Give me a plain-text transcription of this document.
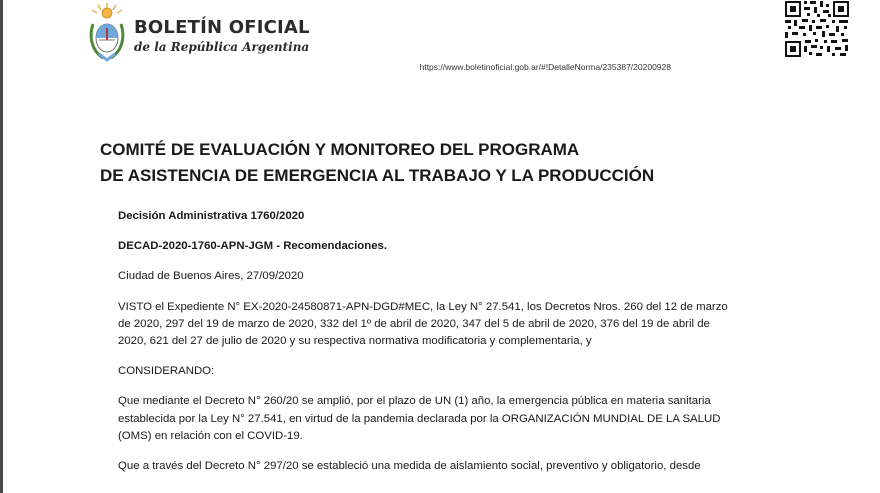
BOLETÍN OFICIAL
de la República Argentina
https://www.boletinoficial.gob.ar/#!DetalleNorma/235387/20200928
COMITÉ DE EVALUACIÓN Y MONITOREO DEL PROGRAMA
DE ASISTENCIA DE EMERGENCIA AL TRABAJO Y LA PRODUCCIÓN

Decisión Administrativa 1760/2020

DECAD-2020-1760-APN-JGM - Recomendaciones.

Ciudad de Buenos Aires, 27/09/2020

VISTO el Expediente N° EX-2020-24580871-APN-DGD#MEC, la Ley N° 27.541, los Decretos Nros. 260 del 12 de marzo de 2020, 297 del 19 de marzo de 2020, 332 del 1º de abril de 2020, 347 del 5 de abril de 2020, 376 del 19 de abril de 2020, 621 del 27 de julio de 2020 y su respectiva normativa modificatoria y complementaria, y

CONSIDERANDO:

Que mediante el Decreto N° 260/20 se amplió, por el plazo de UN (1) año, la emergencia pública en materia sanitaria establecida por la Ley N° 27.541, en virtud de la pandemia declarada por la ORGANIZACIÓN MUNDIAL DE LA SALUD (OMS) en relación con el COVID-19.

Que a través del Decreto N° 297/20 se estableció una medida de aislamiento social, preventivo y obligatorio, desde
